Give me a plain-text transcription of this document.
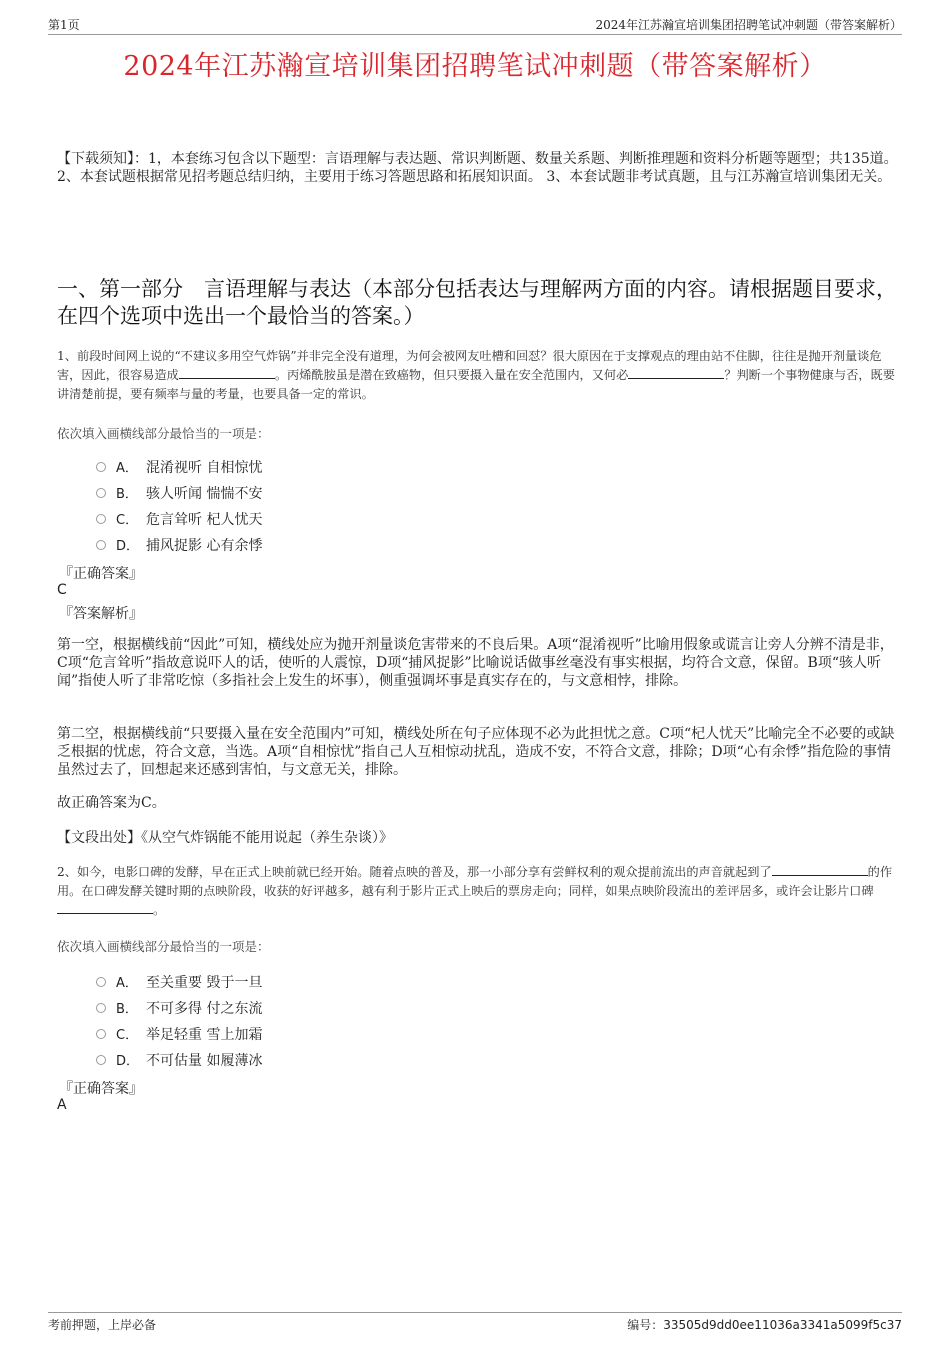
第1页	2024年江苏瀚宣培训集团招聘笔试冲刺题（带答案解析）
2024年江苏瀚宣培训集团招聘笔试冲刺题（带答案解析）
【下载须知】：1，本套练习包含以下题型：言语理解与表达题、常识判断题、数量关系题、判断推理题和资料分析题等题型；共135道。 2、本套试题根据常见招考题总结归纳，主要用于练习答题思路和拓展知识面。 3、本套试题非考试真题，且与江苏瀚宣培训集团无关。
一、第一部分　言语理解与表达（本部分包括表达与理解两方面的内容。请根据题目要求，在四个选项中选出一个最恰当的答案。）
1、前段时间网上说的“不建议多用空气炸锅”并非完全没有道理，为何会被网友吐槽和回怼？很大原因在于支撑观点的理由站不住脚，往往是抛开剂量谈危害，因此，很容易造成	。丙烯酰胺虽是潜在致癌物，但只要摄入量在安全范围内，又何必	？判断一个事物健康与否，既要讲清楚前提，要有频率与量的考量，也要具备一定的常识。
依次填入画横线部分最恰当的一项是：
A． 混淆视听 自相惊忧
B． 骇人听闻 惴惴不安
C． 危言耸听 杞人忧天
D． 捕风捉影 心有余悸
『正确答案』
C
『答案解析』
第一空，根据横线前“因此”可知，横线处应为抛开剂量谈危害带来的不良后果。A项“混淆视听”比喻用假象或谎言让旁人分辨不清是非，C项“危言耸听”指故意说吓人的话，使听的人震惊，D项“捕风捉影”比喻说话做事丝毫没有事实根据，均符合文意，保留。B项“骇人听闻”指使人听了非常吃惊（多指社会上发生的坏事），侧重强调坏事是真实存在的，与文意相悖，排除。
第二空，根据横线前“只要摄入量在安全范围内”可知，横线处所在句子应体现不必为此担忧之意。C项“杞人忧天”比喻完全不必要的或缺乏根据的忧虑，符合文意，当选。A项“自相惊忧”指自己人互相惊动扰乱，造成不安，不符合文意，排除；D项“心有余悸”指危险的事情虽然过去了，回想起来还感到害怕，与文意无关，排除。
故正确答案为C。
【文段出处】《从空气炸锅能不能用说起（养生杂谈）》
2、如今，电影口碑的发酵，早在正式上映前就已经开始。随着点映的普及，那一小部分享有尝鲜权利的观众提前流出的声音就起到了	的作用。在口碑发酵关键时期的点映阶段，收获的好评越多，越有利于影片正式上映后的票房走向；同样，如果点映阶段流出的差评居多，或许会让影片口碑。
依次填入画横线部分最恰当的一项是：
A． 至关重要 毁于一旦
B． 不可多得 付之东流
C． 举足轻重 雪上加霜
D． 不可估量 如履薄冰
『正确答案』
A
考前押题，上岸必备	编号：33505d9dd0ee11036a3341a5099f5c37
